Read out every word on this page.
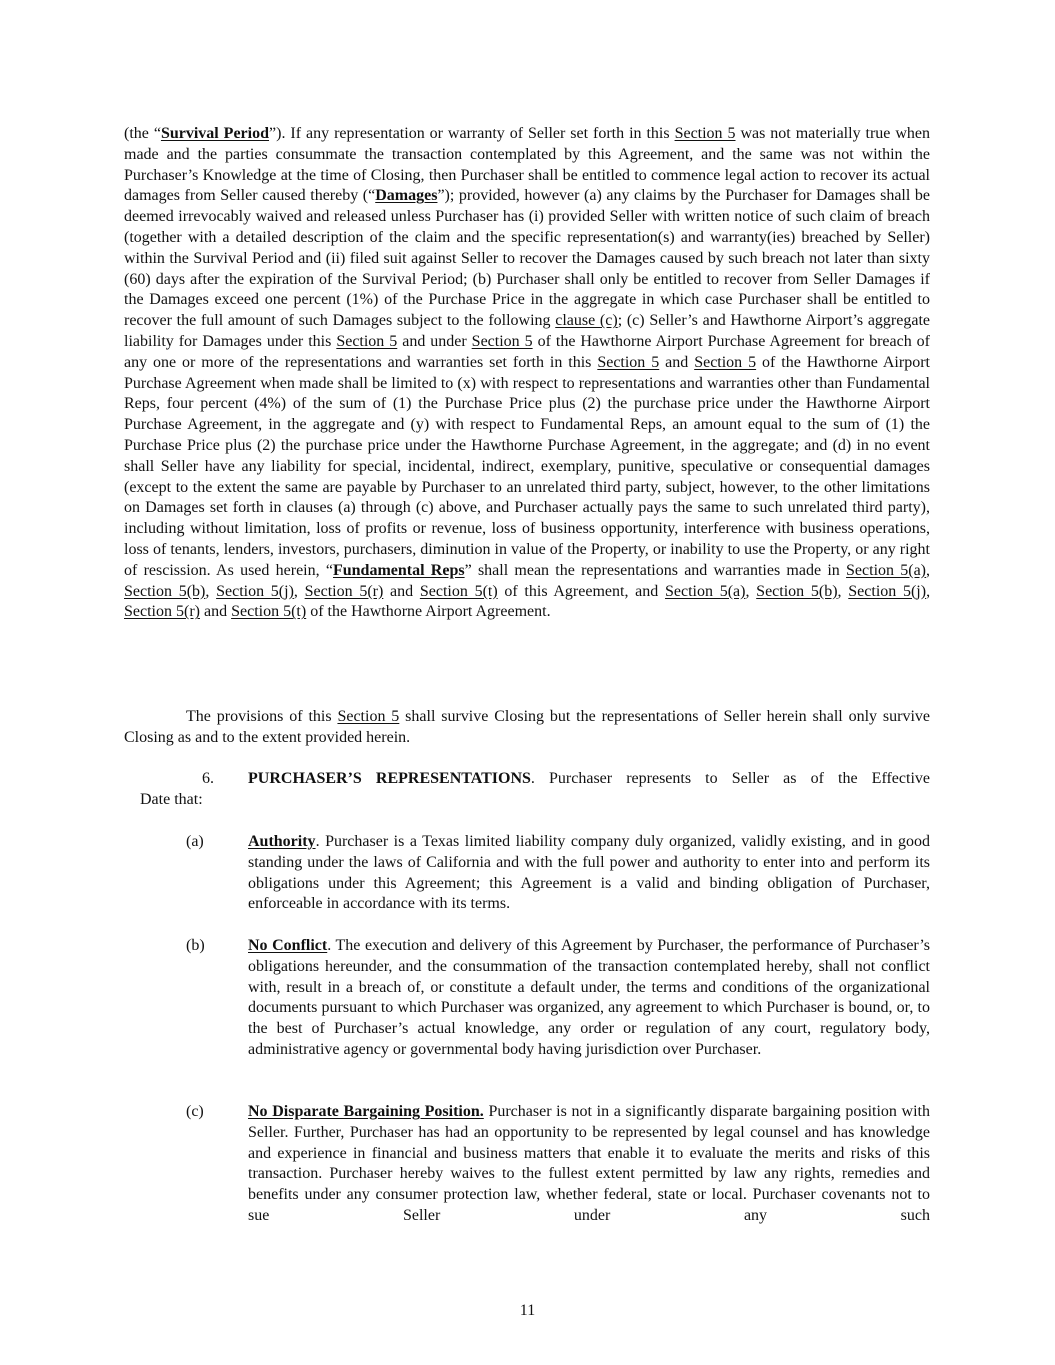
(the “Survival Period”). If any representation or warranty of Seller set forth in this Section 5 was not materially true when made and the parties consummate the transaction contemplated by this Agreement, and the same was not within the Purchaser’s Knowledge at the time of Closing, then Purchaser shall be entitled to commence legal action to recover its actual damages from Seller caused thereby (“Damages”); provided, however (a) any claims by the Purchaser for Damages shall be deemed irrevocably waived and released unless Purchaser has (i) provided Seller with written notice of such claim of breach (together with a detailed description of the claim and the specific representation(s) and warranty(ies) breached by Seller) within the Survival Period and (ii) filed suit against Seller to recover the Damages caused by such breach not later than sixty (60) days after the expiration of the Survival Period; (b) Purchaser shall only be entitled to recover from Seller Damages if the Damages exceed one percent (1%) of the Purchase Price in the aggregate in which case Purchaser shall be entitled to recover the full amount of such Damages subject to the following clause (c); (c) Seller’s and Hawthorne Airport’s aggregate liability for Damages under this Section 5 and under Section 5 of the Hawthorne Airport Purchase Agreement for breach of any one or more of the representations and warranties set forth in this Section 5 and Section 5 of the Hawthorne Airport Purchase Agreement when made shall be limited to (x) with respect to representations and warranties other than Fundamental Reps, four percent (4%) of the sum of (1) the Purchase Price plus (2) the purchase price under the Hawthorne Airport Purchase Agreement, in the aggregate and (y) with respect to Fundamental Reps, an amount equal to the sum of (1) the Purchase Price plus (2) the purchase price under the Hawthorne Purchase Agreement, in the aggregate; and (d) in no event shall Seller have any liability for special, incidental, indirect, exemplary, punitive, speculative or consequential damages (except to the extent the same are payable by Purchaser to an unrelated third party, subject, however, to the other limitations on Damages set forth in clauses (a) through (c) above, and Purchaser actually pays the same to such unrelated third party), including without limitation, loss of profits or revenue, loss of business opportunity, interference with business operations, loss of tenants, lenders, investors, purchasers, diminution in value of the Property, or inability to use the Property, or any right of rescission. As used herein, “Fundamental Reps” shall mean the representations and warranties made in Section 5(a), Section 5(b), Section 5(j), Section 5(r) and Section 5(t) of this Agreement, and Section 5(a), Section 5(b), Section 5(j), Section 5(r) and Section 5(t) of the Hawthorne Airport Agreement.

The provisions of this Section 5 shall survive Closing but the representations of Seller herein shall only survive Closing as and to the extent provided herein.

6. PURCHASER’S REPRESENTATIONS. Purchaser represents to Seller as of the Effective
Date that:
(a)	Authority. Purchaser is a Texas limited liability company duly organized, validly existing, and in good standing under the laws of California and with the full power and authority to enter into and perform its obligations under this Agreement; this Agreement is a valid and binding obligation of Purchaser, enforceable in accordance with its terms.

(b)	No Conflict. The execution and delivery of this Agreement by Purchaser, the performance of Purchaser’s obligations hereunder, and the consummation of the transaction contemplated hereby, shall not conflict with, result in a breach of, or constitute a default under, the terms and conditions of the organizational documents pursuant to which Purchaser was organized, any agreement to which Purchaser is bound, or, to the best of Purchaser’s actual knowledge, any order or regulation of any court, regulatory body, administrative agency or governmental body having jurisdiction over Purchaser.

(c)	No Disparate Bargaining Position. Purchaser is not in a significantly disparate bargaining position with Seller. Further, Purchaser has had an opportunity to be represented by legal counsel and has knowledge and experience in financial and business matters that enable it to evaluate the merits and risks of this transaction. Purchaser hereby waives to the fullest extent permitted by law any rights, remedies and benefits under any consumer protection law, whether federal, state or local. Purchaser covenants not to sue Seller under any such

11
